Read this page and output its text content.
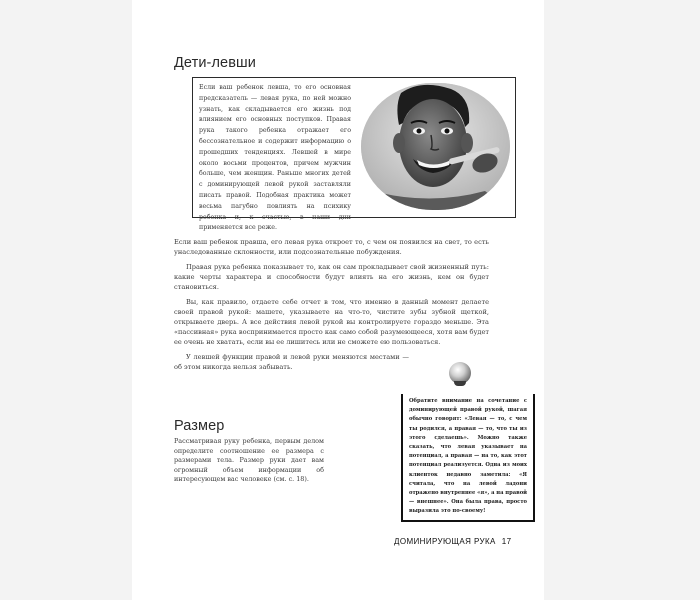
Дети-левши

Если ваш ребенок левша, то его основная предсказатель — левая рука, по ней можно узнать, как складывается его жизнь под влиянием его основных поступков. Правая рука такого ребенка отражает его бессознательное и содержит информацию о прошедших тенденциях. Левшей в мире около восьми процентов, причем мужчин больше, чем женщин. Раньше многих детей с доминирующей левой рукой заставляли писать правой. Подобная практика может весьма пагубно повлиять на психику ребенка и, к счастью, в наши дни применяется все реже.

Если ваш ребенок правша, его левая рука откроет то, с чем он появился на свет, то есть унаследованные склонности, или подсознательные побуждения.

Правая рука ребенка показывает то, как он сам прокладывает свой жизненный путь: какие черты характера и способности будут влиять на его жизнь, кем он будет становиться.

Вы, как правило, отдаете себе отчет в том, что именно в данный момент делаете своей правой рукой: машете, указываете на что-то, чистите зубы зубной щеткой, открываете дверь. А все действия левой рукой вы контролируете гораздо меньше. Эта «пассивная» рука воспринимается просто как само собой разумеющееся, хотя вам будет ее очень не хватать, если вы ее лишитесь или не сможете ею пользоваться.

У левшей функции правой и левой руки меняются местами — об этом никогда нельзя забывать.

Размер

Рассматривая руку ребенка, первым делом определите соотношение ее размера с размерами тела. Размер руки дает вам огромный объем информации об интересующем вас человеке (см. с. 18).

Обратите внимание на сочетание с доминирующей правой рукой, шагая обычно говорят: «Левая — то, с чем ты родился, а правая — то, что ты из этого сделаешь». Можно также сказать, что левая указывает на потенциал, а правая — на то, как этот потенциал реализуется. Одна из моих клиенток недавно заметила: «Я считала, что на левой ладони отражено внутреннее «я», а на правой — внешнее». Она была права, просто выразила это по-своему!

ДОМИНИРУЮЩАЯ РУКА 17
